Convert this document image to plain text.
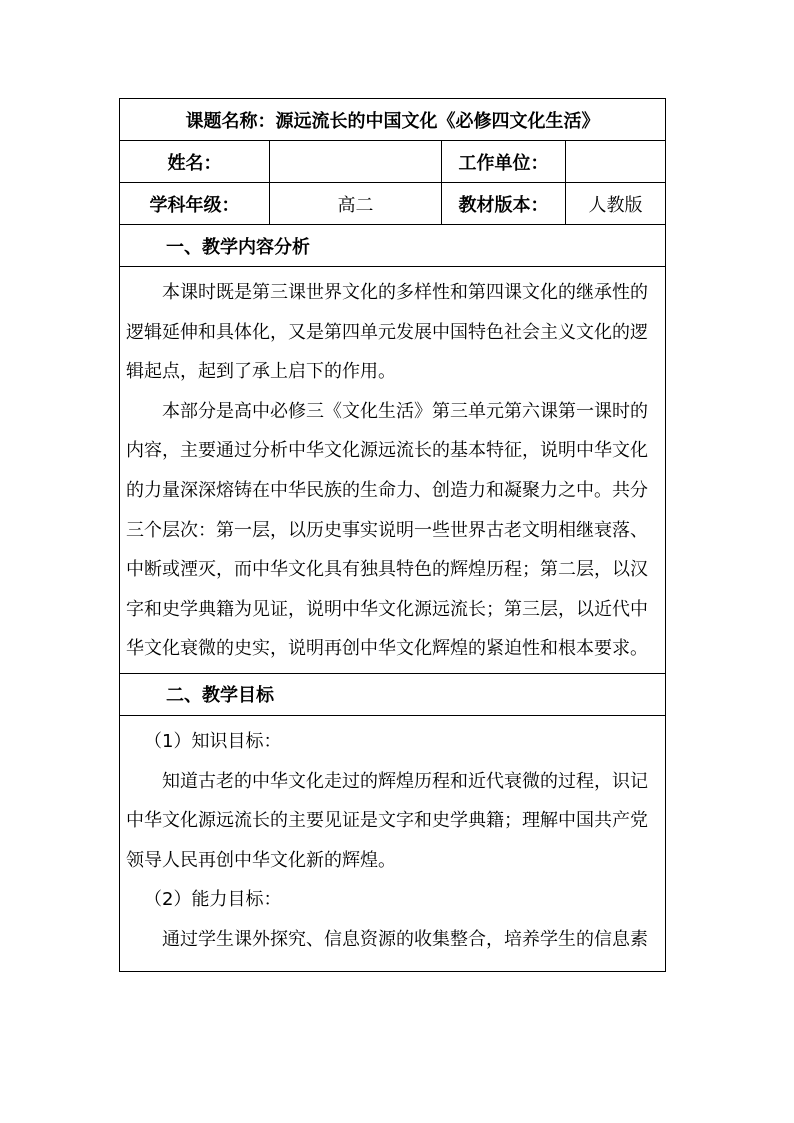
课题名称：源远流长的中国文化《必修四文化生活》			
姓名：		工作单位：	
学科年级：	高二	教材版本：	人教版
一、教学内容分析			

本课时既是第三课世界文化的多样性和第四课文化的继承性的逻辑延伸和具体化，又是第四单元发展中国特色社会主义文化的逻辑起点，起到了承上启下的作用。

本部分是高中必修三《文化生活》第三单元第六课第一课时的内容，主要通过分析中华文化源远流长的基本特征，说明中华文化的力量深深熔铸在中华民族的生命力、创造力和凝聚力之中。共分三个层次：第一层，以历史事实说明一些世界古老文明相继衰落、中断或湮灭，而中华文化具有独具特色的辉煌历程；第二层，以汉字和史学典籍为见证，说明中华文化源远流长；第三层，以近代中华文化衰微的史实，说明再创中华文化辉煌的紧迫性和根本要求。			

二、教学目标			

（1）知识目标：

知道古老的中华文化走过的辉煌历程和近代衰微的过程，识记中华文化源远流长的主要见证是文字和史学典籍；理解中国共产党领导人民再创中华文化新的辉煌。

（2）能力目标：

通过学生课外探究、信息资源的收集整合，培养学生的信息素			
